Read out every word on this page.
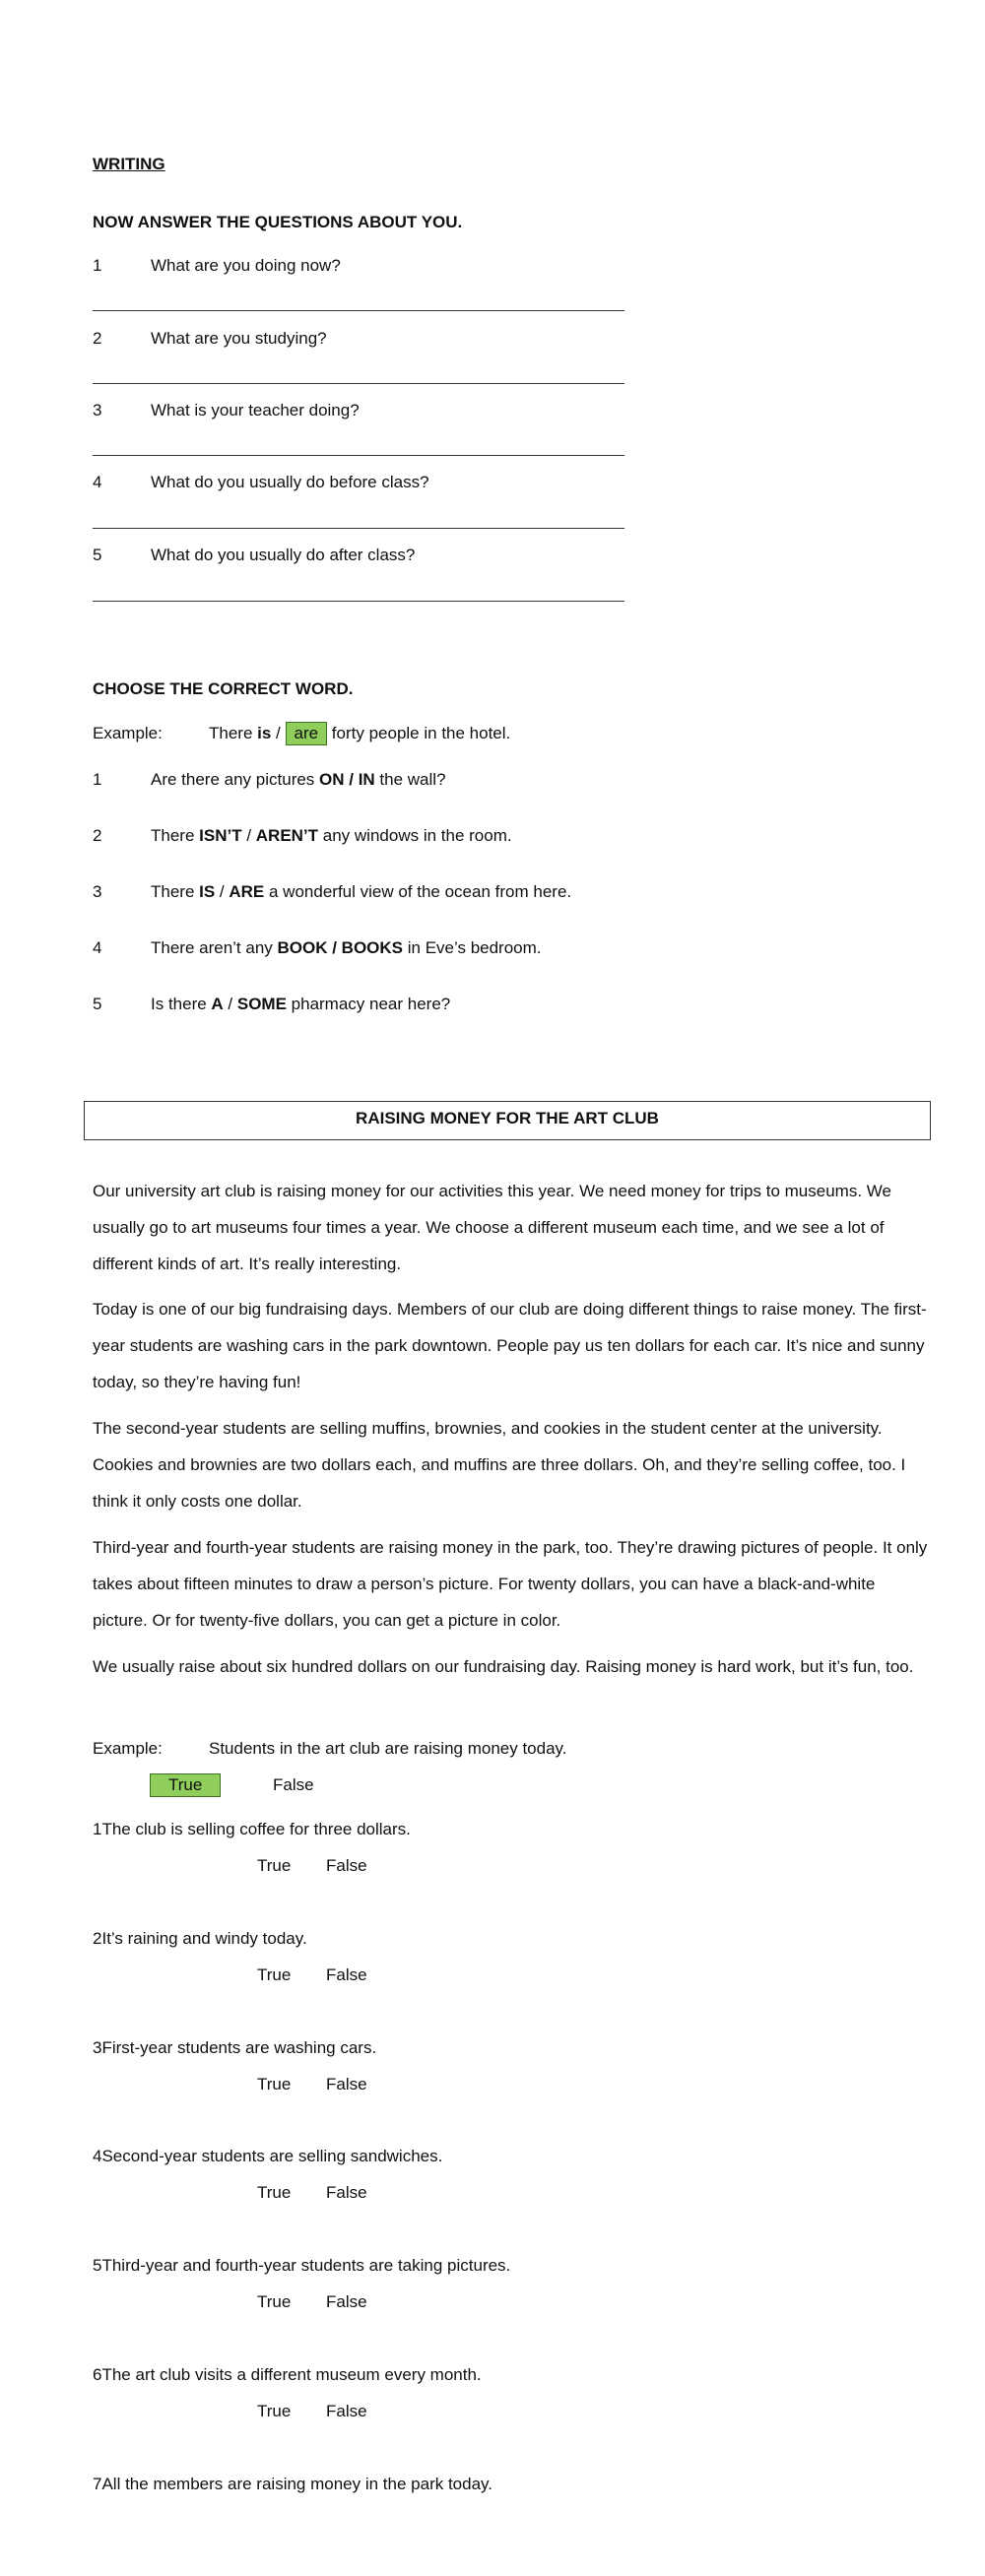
WRITING
NOW ANSWER THE QUESTIONS ABOUT YOU.
1	What are you doing now?
2	What are you studying?
3	What is your teacher doing?
4	What do you usually do before class?
5	What do you usually do after class?
CHOOSE THE CORRECT WORD.
Example:	There is / are forty people in the hotel.
1	Are there any pictures ON / IN the wall?
2	There ISN’T / AREN’T any windows in the room.
3	There IS / ARE a wonderful view of the ocean from here.
4	There aren’t any BOOK / BOOKS in Eve’s bedroom.
5	Is there A / SOME pharmacy near here?
RAISING MONEY FOR THE ART CLUB
Our university art club is raising money for our activities this year. We need money for trips to museums. We usually go to art museums four times a year. We choose a different museum each time, and we see a lot of different kinds of art. It’s really interesting.
Today is one of our big fundraising days. Members of our club are doing different things to raise money. The first-year students are washing cars in the park downtown. People pay us ten dollars for each car. It’s nice and sunny today, so they’re having fun!
The second-year students are selling muffins, brownies, and cookies in the student center at the university. Cookies and brownies are two dollars each, and muffins are three dollars. Oh, and they’re selling coffee, too. I think it only costs one dollar.
Third-year and fourth-year students are raising money in the park, too. They’re drawing pictures of people. It only takes about fifteen minutes to draw a person’s picture. For twenty dollars, you can have a black-and-white picture. Or for twenty-five dollars, you can get a picture in color.
We usually raise about six hundred dollars on our fundraising day. Raising money is hard work, but it’s fun, too.
Example:	Students in the art club are raising money today.
True	False
1The club is selling coffee for three dollars.
True False
2It’s raining and windy today.
True False
3First-year students are washing cars.
True False
4Second-year students are selling sandwiches.
True False
5Third-year and fourth-year students are taking pictures.
True False
6The art club visits a different museum every month.
True False
7All the members are raising money in the park today.
